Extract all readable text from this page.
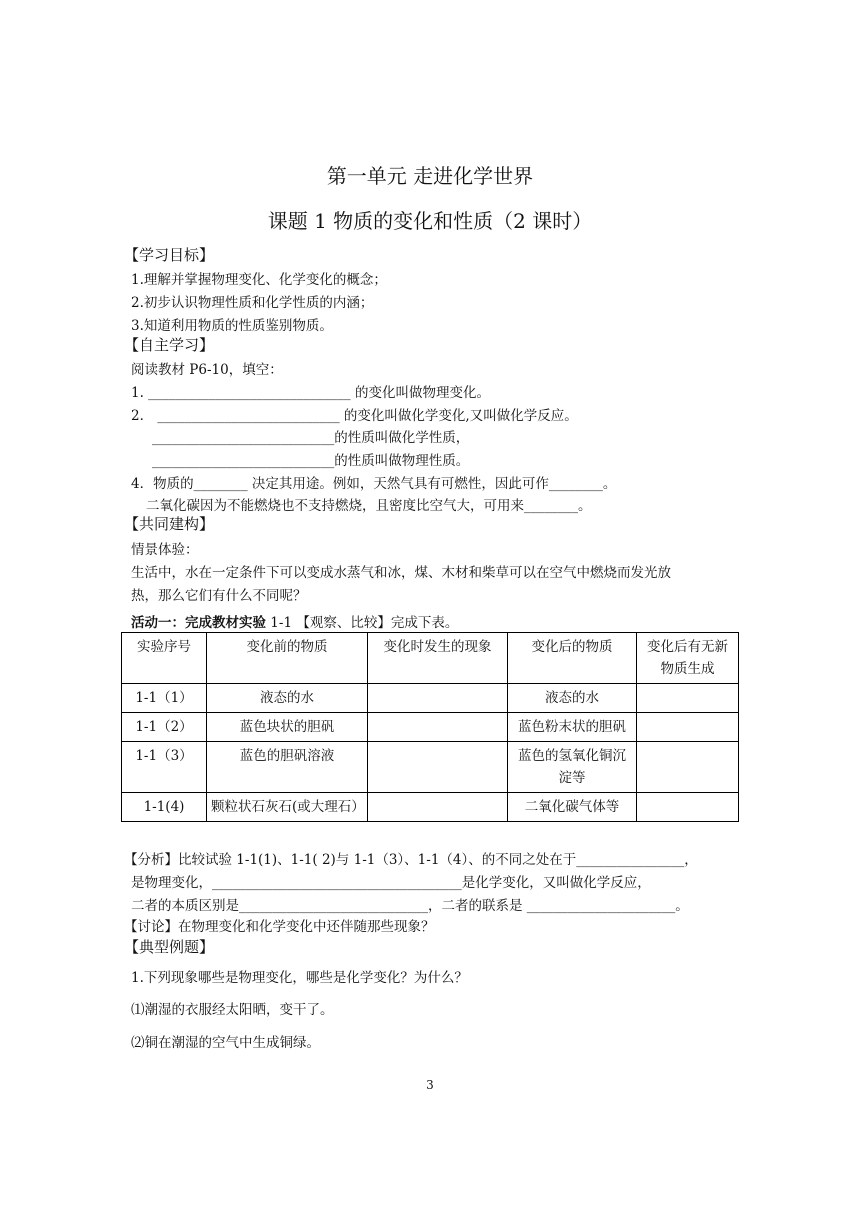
第一单元 走进化学世界
课题 1 物质的变化和性质（2 课时）
【学习目标】
1.理解并掌握物理变化、化学变化的概念；
2.初步认识物理性质和化学性质的内涵；
3.知道利用物质的性质鉴别物质。
【自主学习】
阅读教材 P6-10，填空：
1. ______________________________ 的变化叫做物理变化。
2． ___________________________ 的变化叫做化学变化,又叫做化学反应。
___________________________的性质叫做化学性质，
___________________________的性质叫做物理性质。
4．物质的________ 决定其用途。例如，天然气具有可燃性，因此可作________。
二氧化碳因为不能燃烧也不支持燃烧，且密度比空气大，可用来________。
【共同建构】
情景体验：
生活中，水在一定条件下可以变成水蒸气和冰，煤、木材和柴草可以在空气中燃烧而发光放
热，那么它们有什么不同呢？
活动一：完成教材实验 1-1 【观察、比较】完成下表。
实验序号	变化前的物质	变化时发生的现象	变化后的物质	变化后有无新物质生成
1-1（1）	液态的水		液态的水	
1-1（2）	蓝色块状的胆矾		蓝色粉末状的胆矾	
1-1（3）	蓝色的胆矾溶液		蓝色的氢氧化铜沉淀等	
1-1(4)	颗粒状石灰石(或大理石）		二氧化碳气体等	
【分析】比较试验 1-1(1)、1-1( 2)与 1-1（3）、1-1（4）、的不同之处在于________________，
是物理变化，_____________________________________是化学变化，又叫做化学反应，
二者的本质区别是____________________________，二者的联系是 ______________________。
【讨论】在物理变化和化学变化中还伴随那些现象？
【典型例题】
1.下列现象哪些是物理变化，哪些是化学变化？为什么？
⑴潮湿的衣服经太阳晒，变干了。
⑵铜在潮湿的空气中生成铜绿。
3
